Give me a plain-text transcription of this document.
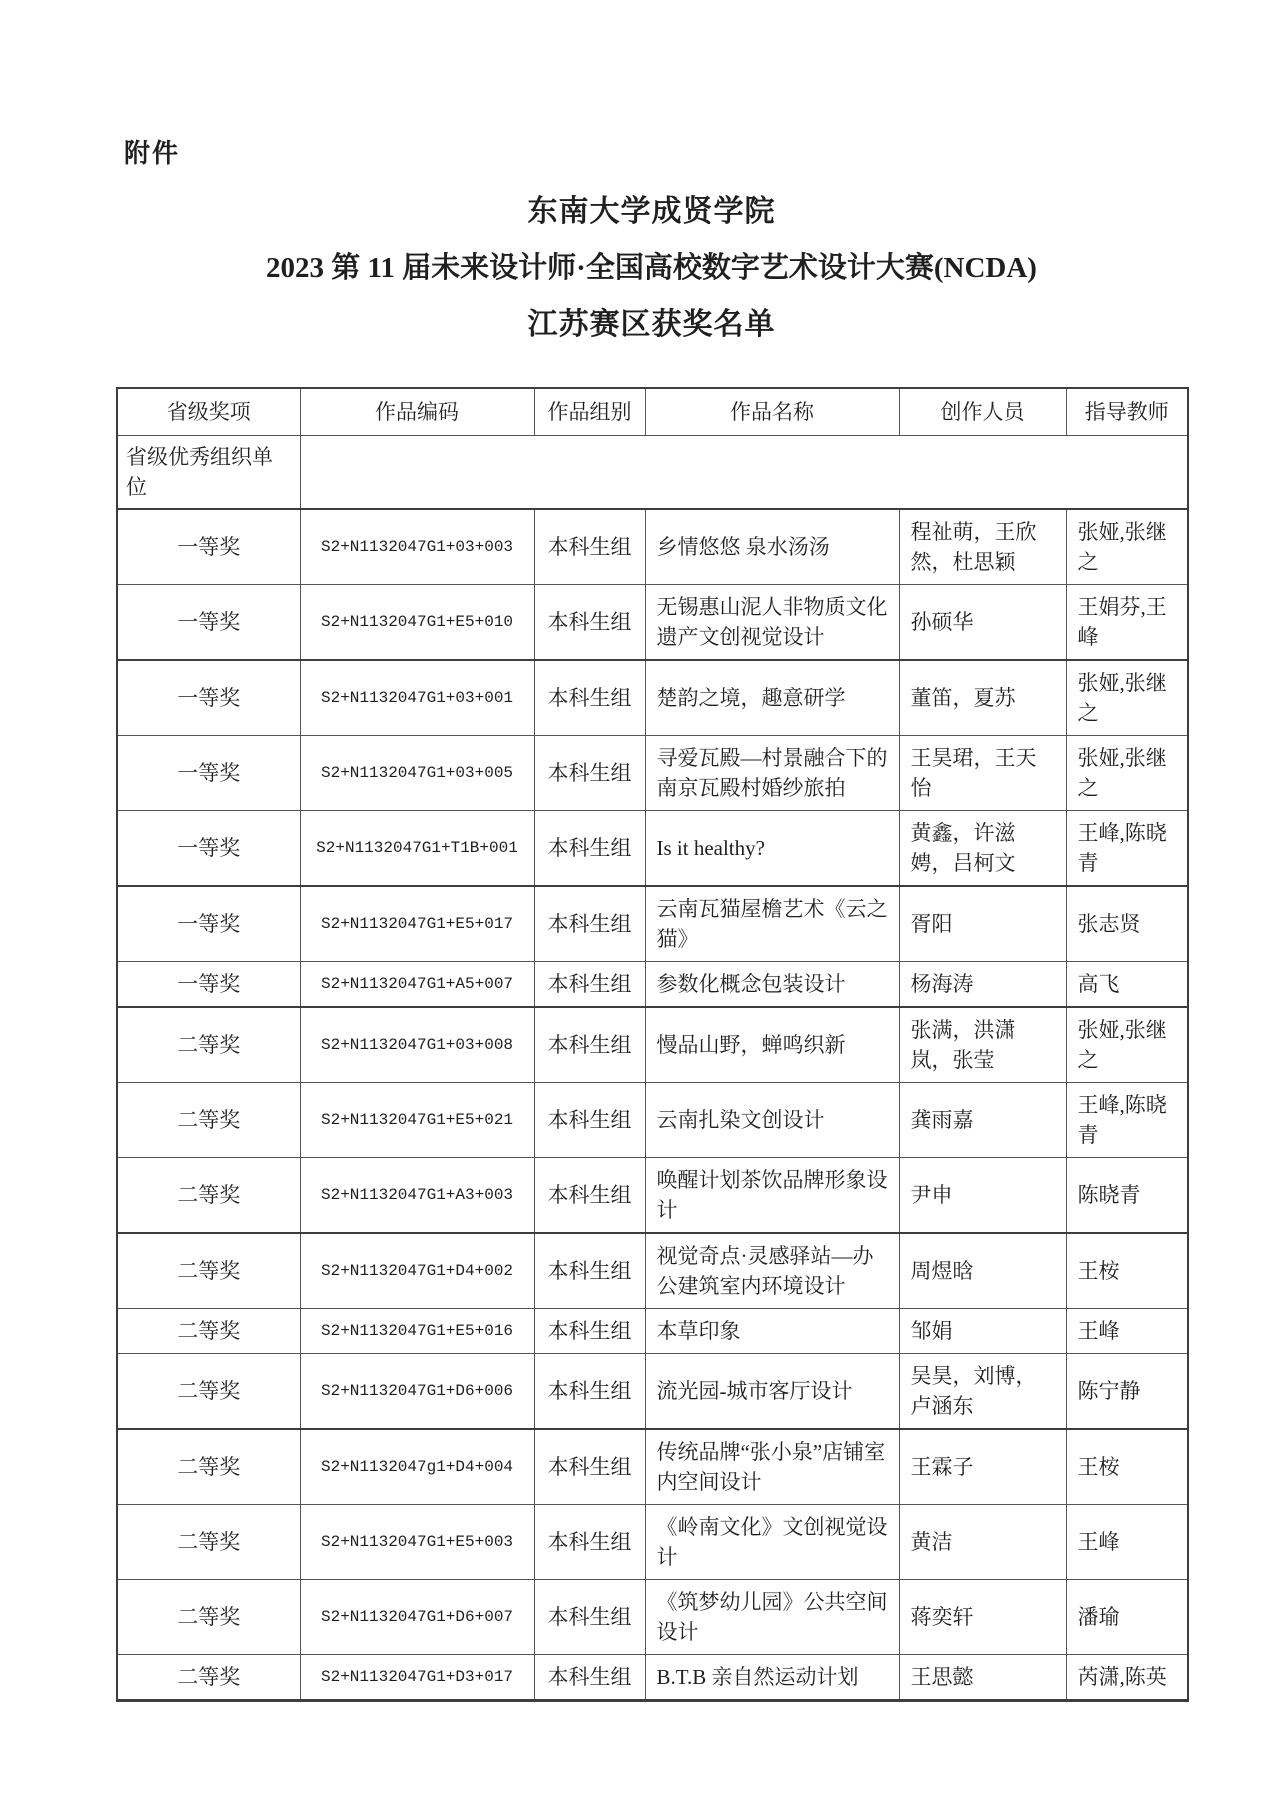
附件
东南大学成贤学院
2023 第 11 届未来设计师·全国高校数字艺术设计大赛(NCDA)
江苏赛区获奖名单
省级奖项	作品编码	作品组别	作品名称	创作人员	指导教师
省级优秀组织单位					
一等奖	S2+N1132047G1+03+003	本科生组	乡情悠悠 泉水汤汤	程祉萌，王欣然，杜思颖	张娅,张继之
一等奖	S2+N1132047G1+E5+010	本科生组	无锡惠山泥人非物质文化遗产文创视觉设计	孙硕华	王娟芬,王峰
一等奖	S2+N1132047G1+03+001	本科生组	楚韵之境，趣意研学	董笛，夏苏	张娅,张继之
一等奖	S2+N1132047G1+03+005	本科生组	寻爱瓦殿—村景融合下的南京瓦殿村婚纱旅拍	王昊珺，王天怡	张娅,张继之
一等奖	S2+N1132047G1+T1B+001	本科生组	Is it healthy?	黄鑫，许滋娉，吕柯文	王峰,陈晓青
一等奖	S2+N1132047G1+E5+017	本科生组	云南瓦猫屋檐艺术《云之猫》	胥阳	张志贤
一等奖	S2+N1132047G1+A5+007	本科生组	参数化概念包装设计	杨海涛	高飞
二等奖	S2+N1132047G1+03+008	本科生组	慢品山野，蝉鸣织新	张满，洪潇岚，张莹	张娅,张继之
二等奖	S2+N1132047G1+E5+021	本科生组	云南扎染文创设计	龚雨嘉	王峰,陈晓青
二等奖	S2+N1132047G1+A3+003	本科生组	唤醒计划茶饮品牌形象设计	尹申	陈晓青
二等奖	S2+N1132047G1+D4+002	本科生组	视觉奇点·灵感驿站—办公建筑室内环境设计	周煜晗	王桉
二等奖	S2+N1132047G1+E5+016	本科生组	本草印象	邹娟	王峰
二等奖	S2+N1132047G1+D6+006	本科生组	流光园-城市客厅设计	吴昊，刘博，卢涵东	陈宁静
二等奖	S2+N1132047g1+D4+004	本科生组	传统品牌“张小泉”店铺室内空间设计	王霖子	王桉
二等奖	S2+N1132047G1+E5+003	本科生组	《岭南文化》文创视觉设计	黄洁	王峰
二等奖	S2+N1132047G1+D6+007	本科生组	《筑梦幼儿园》公共空间设计	蒋奕轩	潘瑜
二等奖	S2+N1132047G1+D3+017	本科生组	B.T.B 亲自然运动计划	王思懿	芮潇,陈英
